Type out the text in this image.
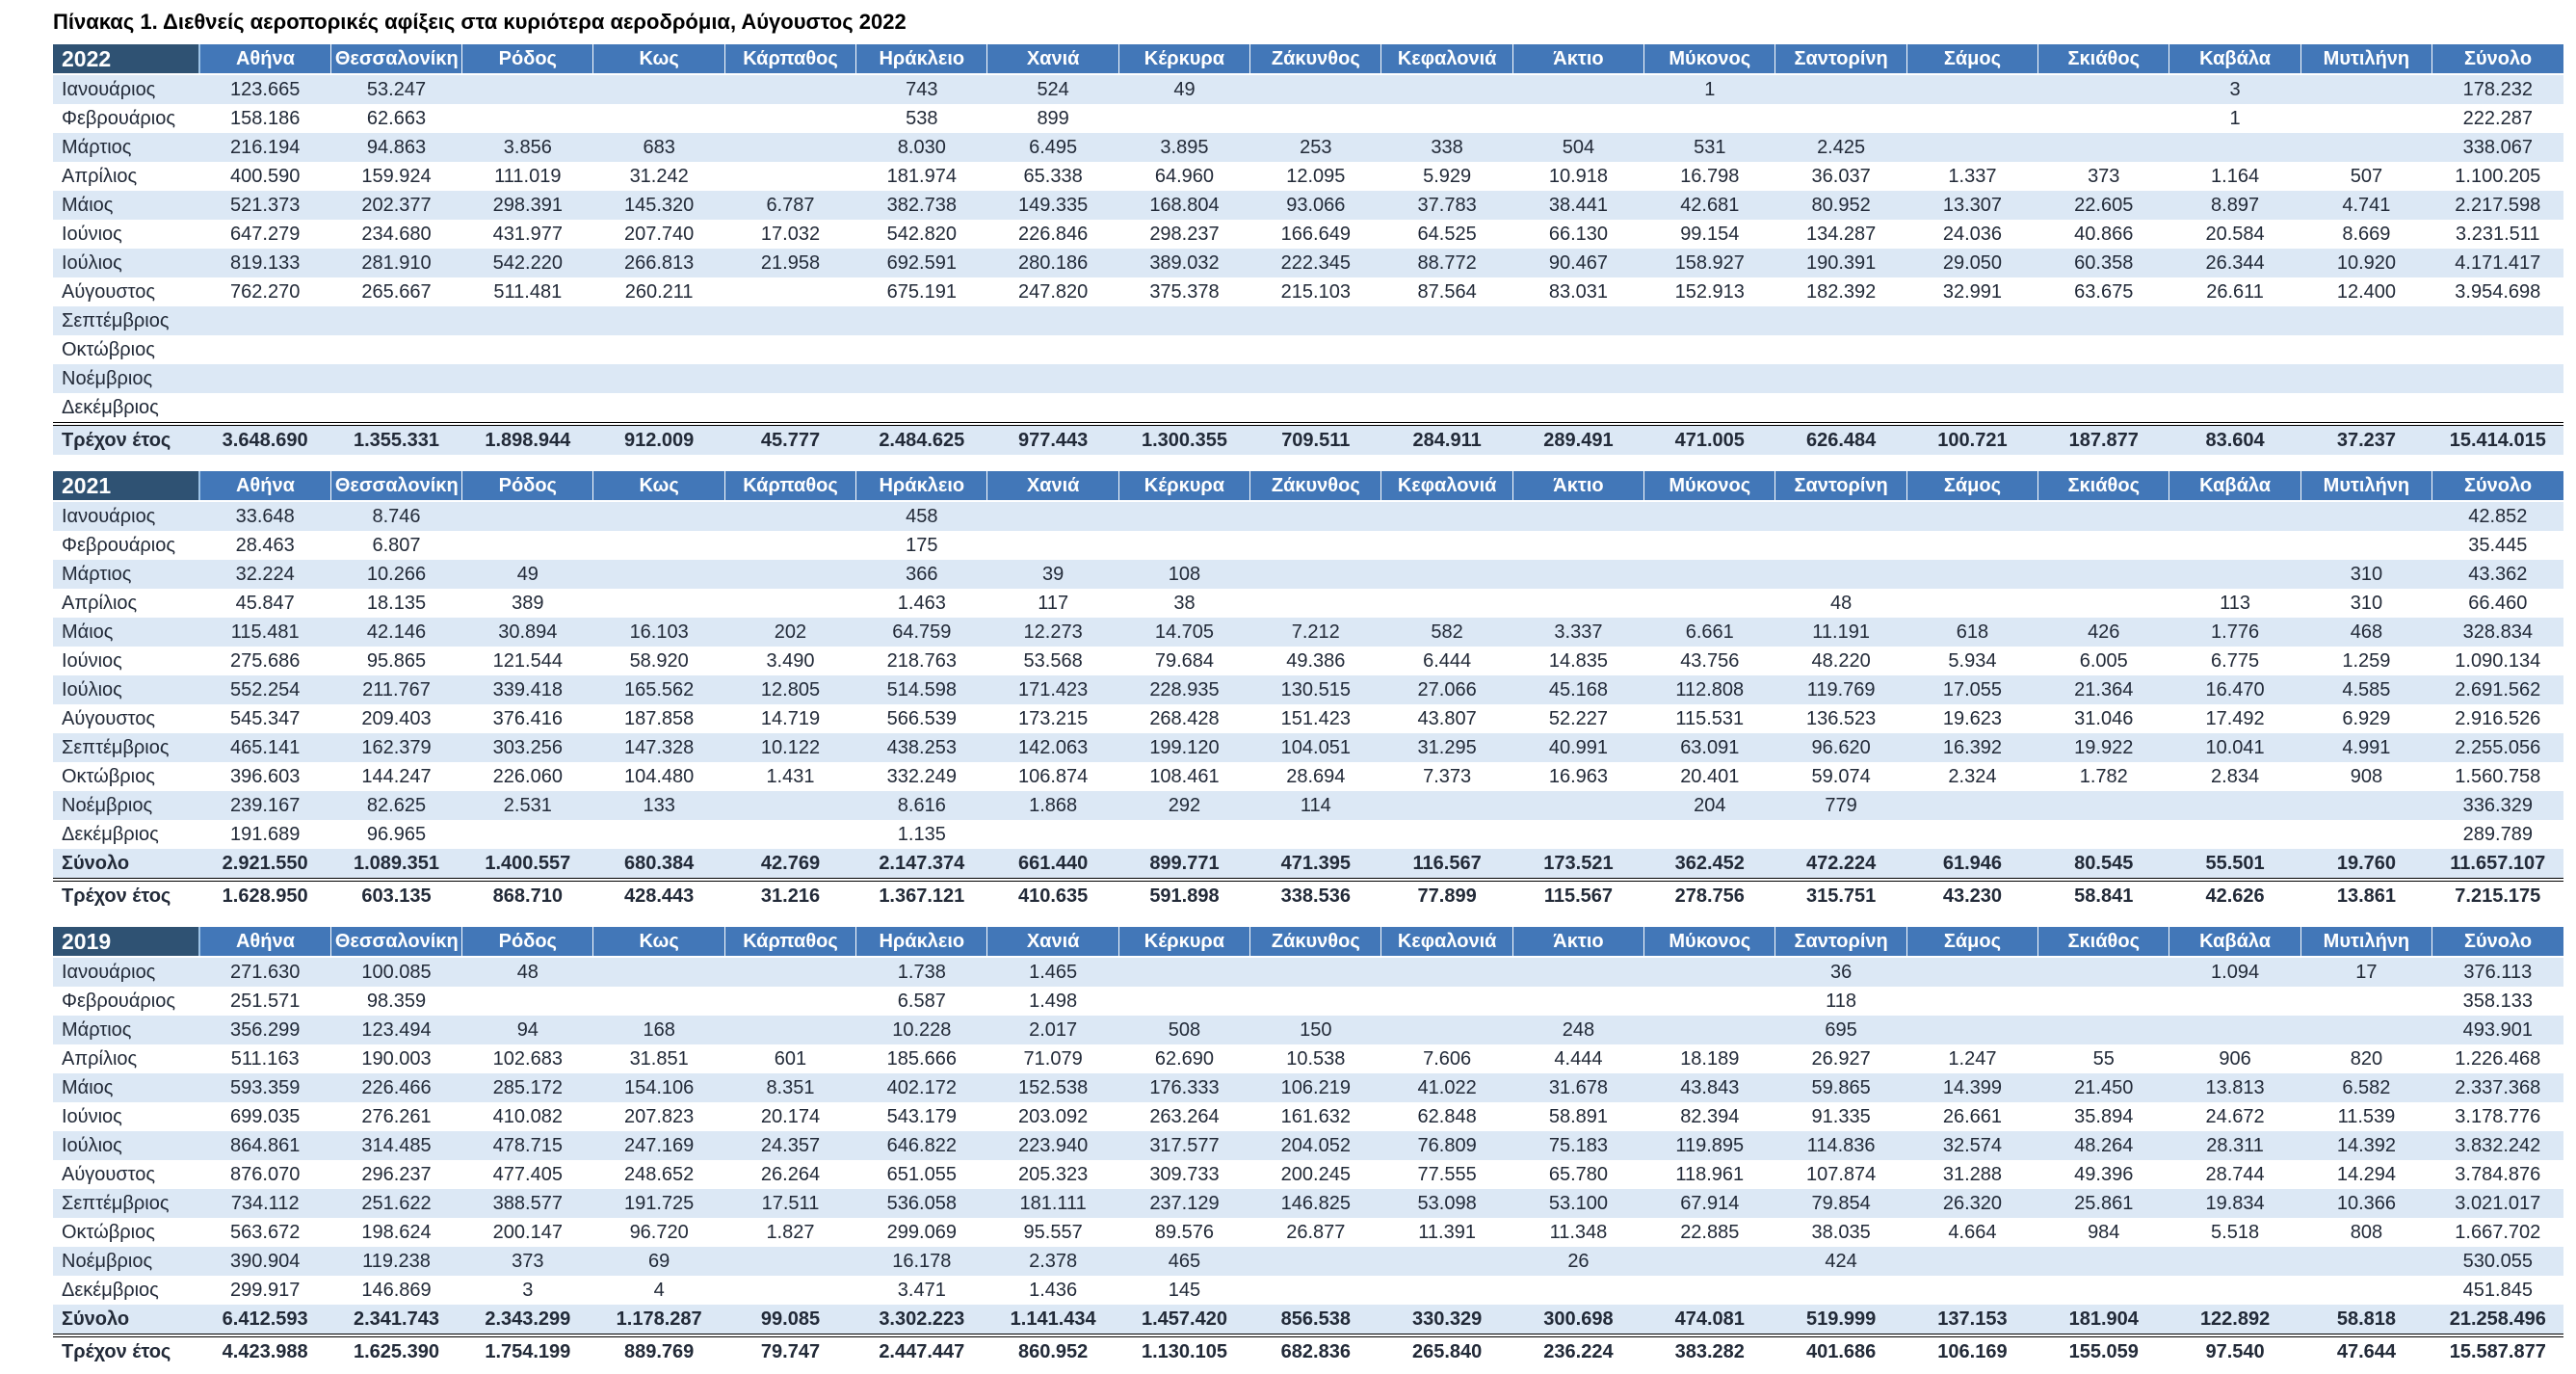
Πίνακας 1. Διεθνείς αεροπορικές αφίξεις στα κυριότερα αεροδρόμια, Αύγουστος 2022
2022	Αθήνα	Θεσσαλονίκη	Ρόδος	Κως	Κάρπαθος	Ηράκλειο	Χανιά	Κέρκυρα	Ζάκυνθος	Κεφαλονιά	Άκτιο	Μύκονος	Σαντορίνη	Σάμος	Σκιάθος	Καβάλα	Μυτιλήνη	Σύνολο
Ιανουάριος	123.665	53.247				743	524	49				1				3		178.232
Φεβρουάριος	158.186	62.663				538	899									1		222.287
Μάρτιος	216.194	94.863	3.856	683		8.030	6.495	3.895	253	338	504	531	2.425					338.067
Απρίλιος	400.590	159.924	111.019	31.242		181.974	65.338	64.960	12.095	5.929	10.918	16.798	36.037	1.337	373	1.164	507	1.100.205
Μάιος	521.373	202.377	298.391	145.320	6.787	382.738	149.335	168.804	93.066	37.783	38.441	42.681	80.952	13.307	22.605	8.897	4.741	2.217.598
Ιούνιος	647.279	234.680	431.977	207.740	17.032	542.820	226.846	298.237	166.649	64.525	66.130	99.154	134.287	24.036	40.866	20.584	8.669	3.231.511
Ιούλιος	819.133	281.910	542.220	266.813	21.958	692.591	280.186	389.032	222.345	88.772	90.467	158.927	190.391	29.050	60.358	26.344	10.920	4.171.417
Αύγουστος	762.270	265.667	511.481	260.211		675.191	247.820	375.378	215.103	87.564	83.031	152.913	182.392	32.991	63.675	26.611	12.400	3.954.698
Σεπτέμβριος																		
Οκτώβριος																		
Νοέμβριος																		
Δεκέμβριος																		
Τρέχον έτος	3.648.690	1.355.331	1.898.944	912.009	45.777	2.484.625	977.443	1.300.355	709.511	284.911	289.491	471.005	626.484	100.721	187.877	83.604	37.237	15.414.015
2021	Αθήνα	Θεσσαλονίκη	Ρόδος	Κως	Κάρπαθος	Ηράκλειο	Χανιά	Κέρκυρα	Ζάκυνθος	Κεφαλονιά	Άκτιο	Μύκονος	Σαντορίνη	Σάμος	Σκιάθος	Καβάλα	Μυτιλήνη	Σύνολο
Ιανουάριος	33.648	8.746				458												42.852
Φεβρουάριος	28.463	6.807				175												35.445
Μάρτιος	32.224	10.266	49			366	39	108									310	43.362
Απρίλιος	45.847	18.135	389			1.463	117	38					48			113	310	66.460
Μάιος	115.481	42.146	30.894	16.103	202	64.759	12.273	14.705	7.212	582	3.337	6.661	11.191	618	426	1.776	468	328.834
Ιούνιος	275.686	95.865	121.544	58.920	3.490	218.763	53.568	79.684	49.386	6.444	14.835	43.756	48.220	5.934	6.005	6.775	1.259	1.090.134
Ιούλιος	552.254	211.767	339.418	165.562	12.805	514.598	171.423	228.935	130.515	27.066	45.168	112.808	119.769	17.055	21.364	16.470	4.585	2.691.562
Αύγουστος	545.347	209.403	376.416	187.858	14.719	566.539	173.215	268.428	151.423	43.807	52.227	115.531	136.523	19.623	31.046	17.492	6.929	2.916.526
Σεπτέμβριος	465.141	162.379	303.256	147.328	10.122	438.253	142.063	199.120	104.051	31.295	40.991	63.091	96.620	16.392	19.922	10.041	4.991	2.255.056
Οκτώβριος	396.603	144.247	226.060	104.480	1.431	332.249	106.874	108.461	28.694	7.373	16.963	20.401	59.074	2.324	1.782	2.834	908	1.560.758
Νοέμβριος	239.167	82.625	2.531	133		8.616	1.868	292	114			204	779					336.329
Δεκέμβριος	191.689	96.965				1.135												289.789
Σύνολο	2.921.550	1.089.351	1.400.557	680.384	42.769	2.147.374	661.440	899.771	471.395	116.567	173.521	362.452	472.224	61.946	80.545	55.501	19.760	11.657.107
Τρέχον έτος	1.628.950	603.135	868.710	428.443	31.216	1.367.121	410.635	591.898	338.536	77.899	115.567	278.756	315.751	43.230	58.841	42.626	13.861	7.215.175
2019	Αθήνα	Θεσσαλονίκη	Ρόδος	Κως	Κάρπαθος	Ηράκλειο	Χανιά	Κέρκυρα	Ζάκυνθος	Κεφαλονιά	Άκτιο	Μύκονος	Σαντορίνη	Σάμος	Σκιάθος	Καβάλα	Μυτιλήνη	Σύνολο
Ιανουάριος	271.630	100.085	48			1.738	1.465						36			1.094	17	376.113
Φεβρουάριος	251.571	98.359				6.587	1.498						118					358.133
Μάρτιος	356.299	123.494	94	168		10.228	2.017	508	150		248		695					493.901
Απρίλιος	511.163	190.003	102.683	31.851	601	185.666	71.079	62.690	10.538	7.606	4.444	18.189	26.927	1.247	55	906	820	1.226.468
Μάιος	593.359	226.466	285.172	154.106	8.351	402.172	152.538	176.333	106.219	41.022	31.678	43.843	59.865	14.399	21.450	13.813	6.582	2.337.368
Ιούνιος	699.035	276.261	410.082	207.823	20.174	543.179	203.092	263.264	161.632	62.848	58.891	82.394	91.335	26.661	35.894	24.672	11.539	3.178.776
Ιούλιος	864.861	314.485	478.715	247.169	24.357	646.822	223.940	317.577	204.052	76.809	75.183	119.895	114.836	32.574	48.264	28.311	14.392	3.832.242
Αύγουστος	876.070	296.237	477.405	248.652	26.264	651.055	205.323	309.733	200.245	77.555	65.780	118.961	107.874	31.288	49.396	28.744	14.294	3.784.876
Σεπτέμβριος	734.112	251.622	388.577	191.725	17.511	536.058	181.111	237.129	146.825	53.098	53.100	67.914	79.854	26.320	25.861	19.834	10.366	3.021.017
Οκτώβριος	563.672	198.624	200.147	96.720	1.827	299.069	95.557	89.576	26.877	11.391	11.348	22.885	38.035	4.664	984	5.518	808	1.667.702
Νοέμβριος	390.904	119.238	373	69		16.178	2.378	465			26		424					530.055
Δεκέμβριος	299.917	146.869	3	4		3.471	1.436	145										451.845
Σύνολο	6.412.593	2.341.743	2.343.299	1.178.287	99.085	3.302.223	1.141.434	1.457.420	856.538	330.329	300.698	474.081	519.999	137.153	181.904	122.892	58.818	21.258.496
Τρέχον έτος	4.423.988	1.625.390	1.754.199	889.769	79.747	2.447.447	860.952	1.130.105	682.836	265.840	236.224	383.282	401.686	106.169	155.059	97.540	47.644	15.587.877
